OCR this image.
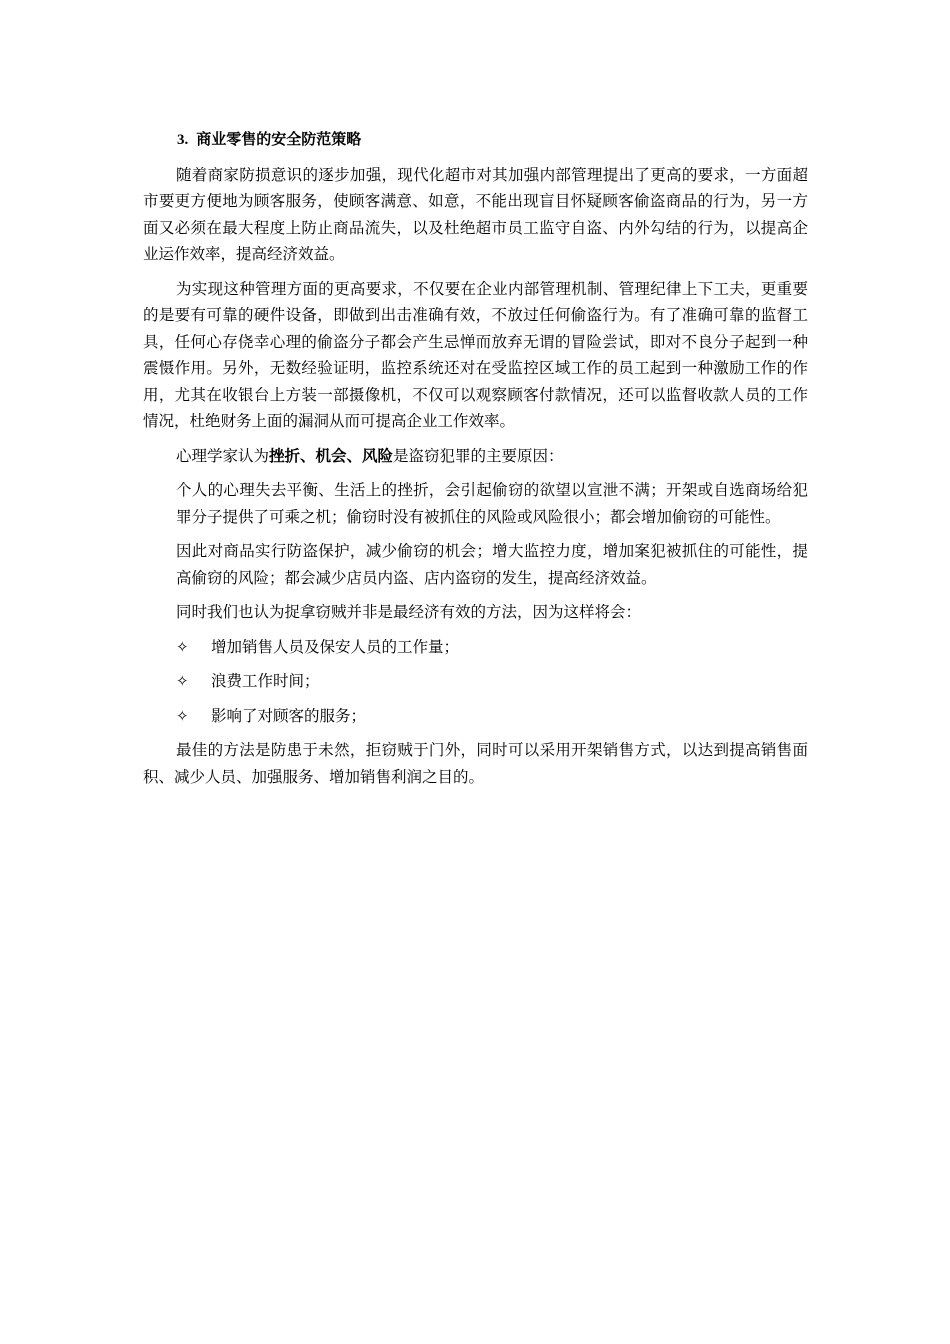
3. 商业零售的安全防范策略

随着商家防损意识的逐步加强，现代化超市对其加强内部管理提出了更高的要求，一方面超市要更方便地为顾客服务，使顾客满意、如意，不能出现盲目怀疑顾客偷盗商品的行为，另一方面又必须在最大程度上防止商品流失，以及杜绝超市员工监守自盗、内外勾结的行为，以提高企业运作效率，提高经济效益。

为实现这种管理方面的更高要求，不仅要在企业内部管理机制、管理纪律上下工夫，更重要的是要有可靠的硬件设备，即做到出击准确有效，不放过任何偷盗行为。有了准确可靠的监督工具，任何心存侥幸心理的偷盗分子都会产生忌惮而放弃无谓的冒险尝试，即对不良分子起到一种震慑作用。另外，无数经验证明，监控系统还对在受监控区域工作的员工起到一种激励工作的作用，尤其在收银台上方装一部摄像机，不仅可以观察顾客付款情况，还可以监督收款人员的工作情况，杜绝财务上面的漏洞从而可提高企业工作效率。

心理学家认为挫折、机会、风险是盗窃犯罪的主要原因：

个人的心理失去平衡、生活上的挫折，会引起偷窃的欲望以宣泄不满；开架或自选商场给犯罪分子提供了可乘之机；偷窃时没有被抓住的风险或风险很小；都会增加偷窃的可能性。

因此对商品实行防盗保护，减少偷窃的机会；增大监控力度，增加案犯被抓住的可能性，提高偷窃的风险；都会减少店员内盗、店内盗窃的发生，提高经济效益。

同时我们也认为捉拿窃贼并非是最经济有效的方法，因为这样将会：

✧	增加销售人员及保安人员的工作量；
✧	浪费工作时间；
✧	影响了对顾客的服务；

最佳的方法是防患于未然，拒窃贼于门外，同时可以采用开架销售方式，以达到提高销售面积、减少人员、加强服务、增加销售利润之目的。
